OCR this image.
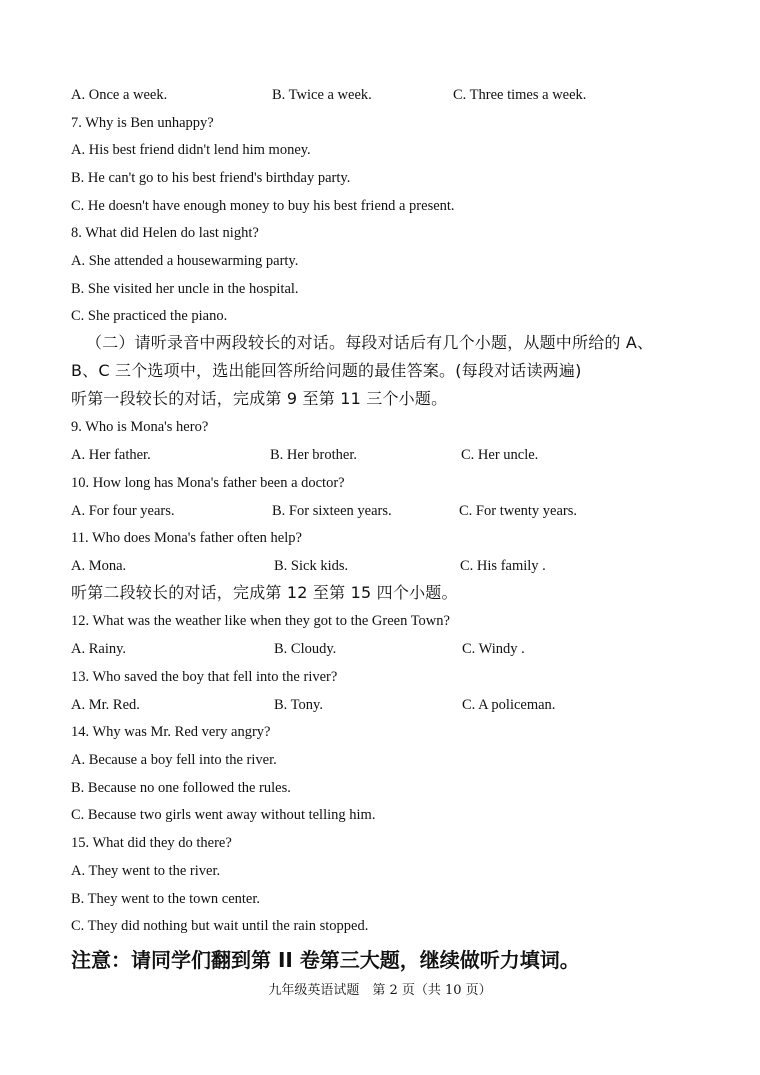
A. Once a week.	B. Twice a week.	C. Three times a week.
7. Why is Ben unhappy?
A. His best friend didn't lend him money.
B. He can't go to his best friend's birthday party.
C. He doesn't have enough money to buy his best friend a present.
8. What did Helen do last night?
A. She attended a housewarming party.
B. She visited her uncle in the hospital.
C. She practiced the piano.
（二）请听录音中两段较长的对话。每段对话后有几个小题，从题中所给的 A、
B、C 三个选项中，选出能回答所给问题的最佳答案。(每段对话读两遍)
听第一段较长的对话，完成第 9 至第 11 三个小题。
9. Who is Mona's hero?
A. Her father.	B. Her brother.	C. Her uncle.
10. How long has Mona's father been a doctor?
A. For four years.	B. For sixteen years.	C. For twenty years.
11. Who does Mona's father often help?
A. Mona.	B. Sick kids.	C. His family .
听第二段较长的对话，完成第 12 至第 15 四个小题。
12. What was the weather like when they got to the Green Town?
A. Rainy.	B. Cloudy.	C. Windy .
13. Who saved the boy that fell into the river?
A. Mr. Red.	B. Tony.	C. A policeman.
14. Why was Mr. Red very angry?
A. Because a boy fell into the river.
B. Because no one followed the rules.
C. Because two girls went away without telling him.
15. What did they do there?
A. They went to the river.
B. They went to the town center.
C. They did nothing but wait until the rain stopped.
注意：请同学们翻到第 II 卷第三大题，继续做听力填词。
九年级英语试题　第 2 页（共 10 页）
